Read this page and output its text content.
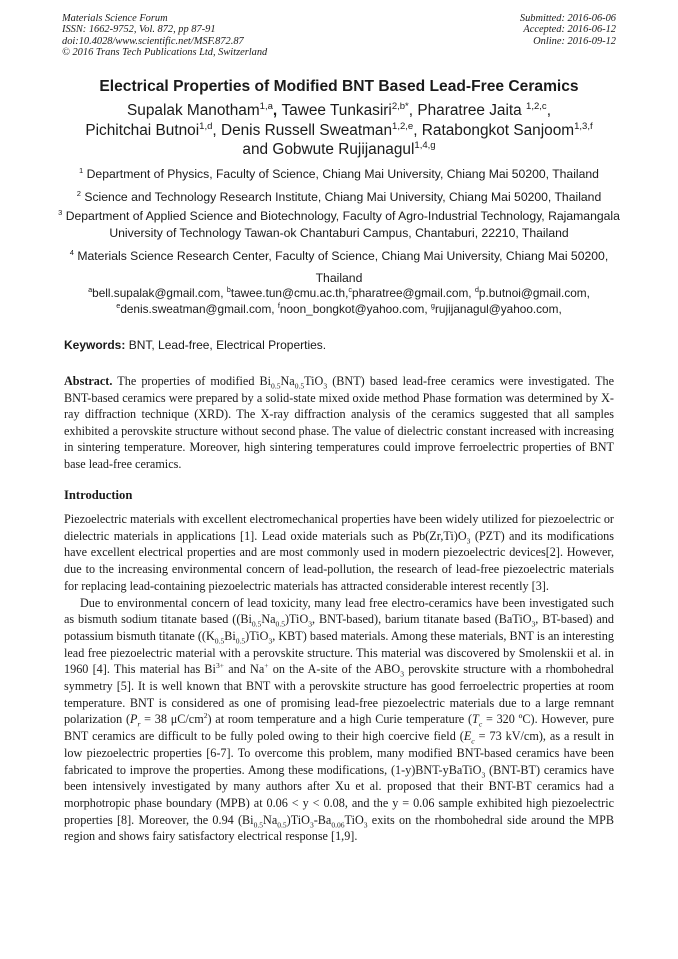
Materials Science Forum
ISSN: 1662-9752, Vol. 872, pp 87-91
doi:10.4028/www.scientific.net/MSF.872.87
© 2016 Trans Tech Publications Ltd, Switzerland
Submitted: 2016-06-06
Accepted: 2016-06-12
Online: 2016-09-12
Electrical Properties of Modified BNT Based Lead-Free Ceramics
Supalak Manotham$^{1,a}$, Tawee Tunkasiri$^{2,b*}$, Pharatree Jaita $^{1,2,c}$,
Pichitchai Butnoi$^{1,d}$, Denis Russell Sweatman$^{1,2,e}$, Ratabongkot Sanjoom$^{1,3,f}$
and Gobwute Rujijanagul$^{1,4,g}$
$^1$ Department of Physics, Faculty of Science, Chiang Mai University, Chiang Mai 50200, Thailand
$^2$ Science and Technology Research Institute, Chiang Mai University, Chiang Mai 50200, Thailand
$^3$ Department of Applied Science and Biotechnology, Faculty of Agro-Industrial Technology, Rajamangala University of Technology Tawan-ok Chantaburi Campus, Chantaburi, 22210, Thailand
$^4$ Materials Science Research Center, Faculty of Science, Chiang Mai University, Chiang Mai 50200, Thailand
$^a$bell.supalak@gmail.com, $^b$tawee.tun@cmu.ac.th,$^c$pharatree@gmail.com, $^d$p.butnoi@gmail.com,
$^e$denis.sweatman@gmail.com, $^f$noon_bongkot@yahoo.com, $^g$rujijanagul@yahoo.com,
Keywords: BNT, Lead-free, Electrical Properties.
Abstract. The properties of modified $Bi_{0.5}Na_{0.5}TiO_3$ (BNT) based lead-free ceramics were investigated. The BNT-based ceramics were prepared by a solid-state mixed oxide method Phase formation was determined by X-ray diffraction technique (XRD). The X-ray diffraction analysis of the ceramics suggested that all samples exhibited a perovskite structure without second phase. The value of dielectric constant increased with increasing in sintering temperature. Moreover, high sintering temperatures could improve ferroelectric properties of BNT base lead-free ceramics.
Introduction

Piezoelectric materials with excellent electromechanical properties have been widely utilized for piezoelectric or dielectric materials in applications [1]. Lead oxide materials such as $Pb(Zr,Ti)O_3$ (PZT) and its modifications have excellent electrical properties and are most commonly used in modern piezoelectric devices[2]. However, due to the increasing environmental concern of lead-pollution, the research of lead-free piezoelectric materials for replacing lead-containing piezoelectric materials has attracted considerable interest recently [3].

Due to environmental concern of lead toxicity, many lead free electro-ceramics have been investigated such as bismuth sodium titanate based ($(Bi_{0.5}Na_{0.5})TiO_3$, BNT-based), barium titanate based (BaTiO$_3$, BT-based) and potassium bismuth titanate ($(K_{0.5}Bi_{0.5})TiO_3$, KBT) based materials. Among these materials, BNT is an interesting lead free piezoelectric material with a perovskite structure. This material was discovered by Smolenskii et al. in 1960 [4]. This material has $Bi^{3+}$ and Na+ on the A-site of the $ABO_3$ perovskite structure with a rhombohedral symmetry [5]. It is well known that BNT with a perovskite structure has good ferroelectric properties at room temperature. BNT is considered as one of promising lead-free piezoelectric materials due to a large remnant polarization ($P_r = 38$ $\mu C/cm^2$) at room temperature and a high Curie temperature ($T_c = 320$ ºC). However, pure BNT ceramics are difficult to be fully poled owing to their high coercive field ($E_c = 73$ kV/cm), as a result in low piezoelectric properties [6-7]. To overcome this problem, many modified BNT-based ceramics have been fabricated to improve the properties. Among these modifications, (1-y)BNT-yBaTiO$_3$ (BNT-BT) ceramics have been intensively investigated by many authors after Xu et al. proposed that their BNT-BT ceramics had a morphotropic phase boundary (MPB) at 0.06 < y < 0.08, and the y = 0.06 sample exhibited high piezoelectric properties [8]. Moreover, the 0.94 $(Bi_{0.5}Na_{0.5})TiO_3-Ba_{0.06}TiO_3$ exits on the rhombohedral side around the MPB region and shows fairy satisfactory electrical response [1,9].
